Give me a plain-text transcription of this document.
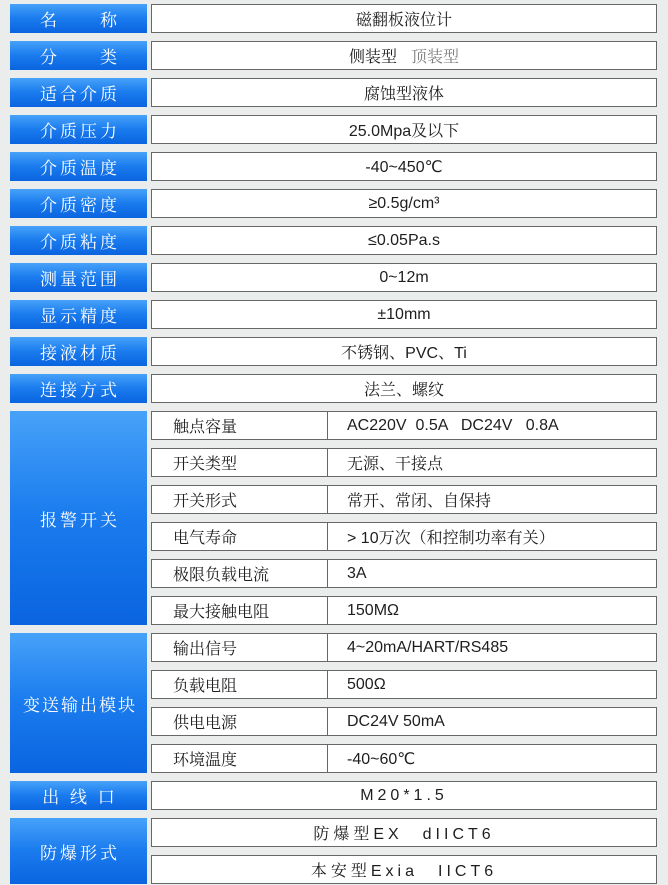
名　　称	磁翻板液位计
分　　类	侧装型 顶装型
适合介质	腐蚀型液体
介质压力	25.0Mpa及以下
介质温度	-40~450℃
介质密度	≥0.5g/cm³
介质粘度	≤0.05Pa.s
测量范围	0~12m
显示精度	±10mm
接液材质	不锈钢、PVC、Ti
连接方式	法兰、螺纹
报警开关
触点容量	AC220V  0.5A   DC24V   0.8A
开关类型	无源、干接点
开关形式	常开、常闭、自保持
电气寿命	> 10万次（和控制功率有关）
极限负载电流	3A
最大接触电阻	150MΩ
变送输出模块
输出信号	4~20mA/HART/RS485
负载电阻	500Ω
供电电源	DC24V 50mA
环境温度	-40~60℃
出 线 口	M20*1.5
防爆形式
防爆型EX　dIICT6
本安型Exia　IICT6
